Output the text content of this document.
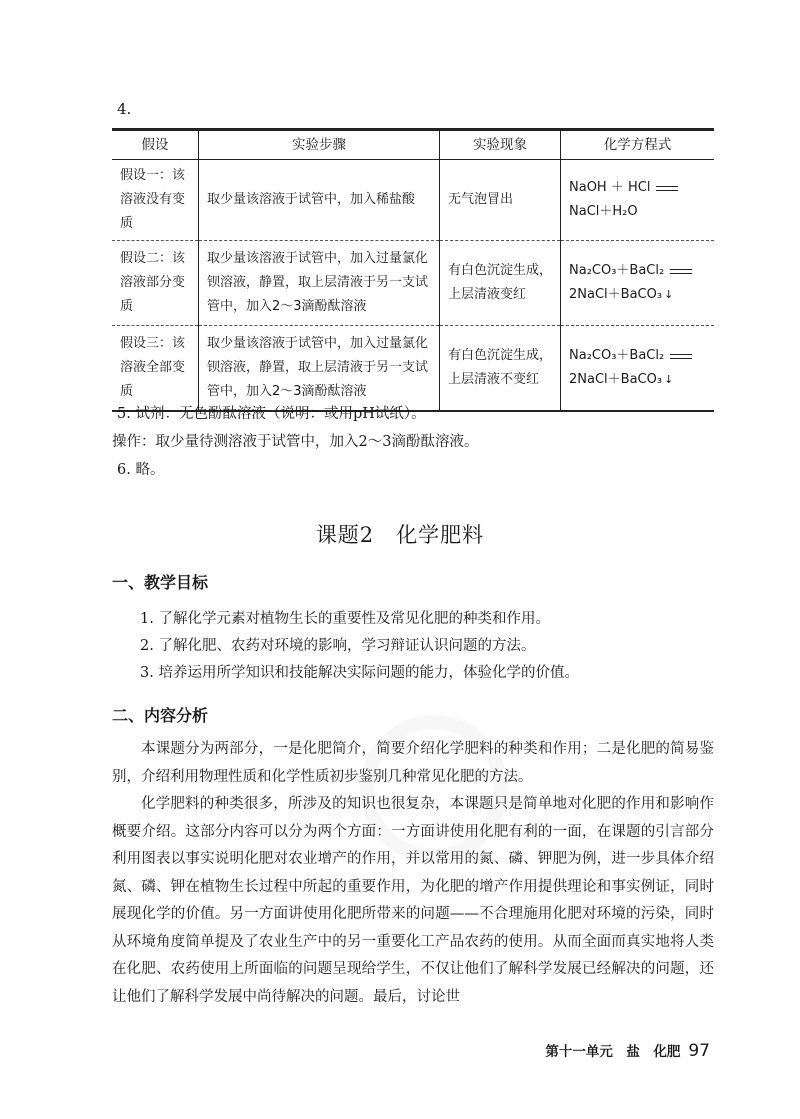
4.
假设	实验步骤	实验现象	化学方程式
假设一：该溶液没有变质	取少量该溶液于试管中，加入稀盐酸	无气泡冒出	NaOH ＋ HCl
NaCl＋H₂O

假设二：该溶液部分变质	取少量该溶液于试管中，加入过量氯化钡溶液，静置，取上层清液于另一支试管中，加入2～3滴酚酞溶液	有白色沉淀生成，上层清液变红	Na₂CO₃＋BaCl₂
2NaCl＋BaCO₃ ↓

假设三：该溶液全部变质	取少量该溶液于试管中，加入过量氯化钡溶液，静置，取上层清液于另一支试管中，加入2～3滴酚酞溶液	有白色沉淀生成，上层清液不变红	Na₂CO₃＋BaCl₂
2NaCl＋BaCO₃ ↓
5. 试剂：无色酚酞溶液（说明：或用pH试纸）。
操作：取少量待测溶液于试管中，加入2～3滴酚酞溶液。
6. 略。
课题2　化学肥料
一、教学目标
1. 了解化学元素对植物生长的重要性及常见化肥的种类和作用。
2. 了解化肥、农药对环境的影响，学习辩证认识问题的方法。
3. 培养运用所学知识和技能解决实际问题的能力，体验化学的价值。
二、内容分析

本课题分为两部分，一是化肥简介，简要介绍化学肥料的种类和作用；二是化肥的简易鉴别，介绍利用物理性质和化学性质初步鉴别几种常见化肥的方法。

化学肥料的种类很多，所涉及的知识也很复杂，本课题只是简单地对化肥的作用和影响作概要介绍。这部分内容可以分为两个方面：一方面讲使用化肥有利的一面，在课题的引言部分利用图表以事实说明化肥对农业增产的作用，并以常用的氮、磷、钾肥为例，进一步具体介绍氮、磷、钾在植物生长过程中所起的重要作用，为化肥的增产作用提供理论和事实例证，同时展现化学的价值。另一方面讲使用化肥所带来的问题——不合理施用化肥对环境的污染，同时从环境角度简单提及了农业生产中的另一重要化工产品农药的使用。从而全面而真实地将人类在化肥、农药使用上所面临的问题呈现给学生，不仅让他们了解科学发展已经解决的问题，还让他们了解科学发展中尚待解决的问题。最后，讨论世

第十一单元　盐　化肥 97
